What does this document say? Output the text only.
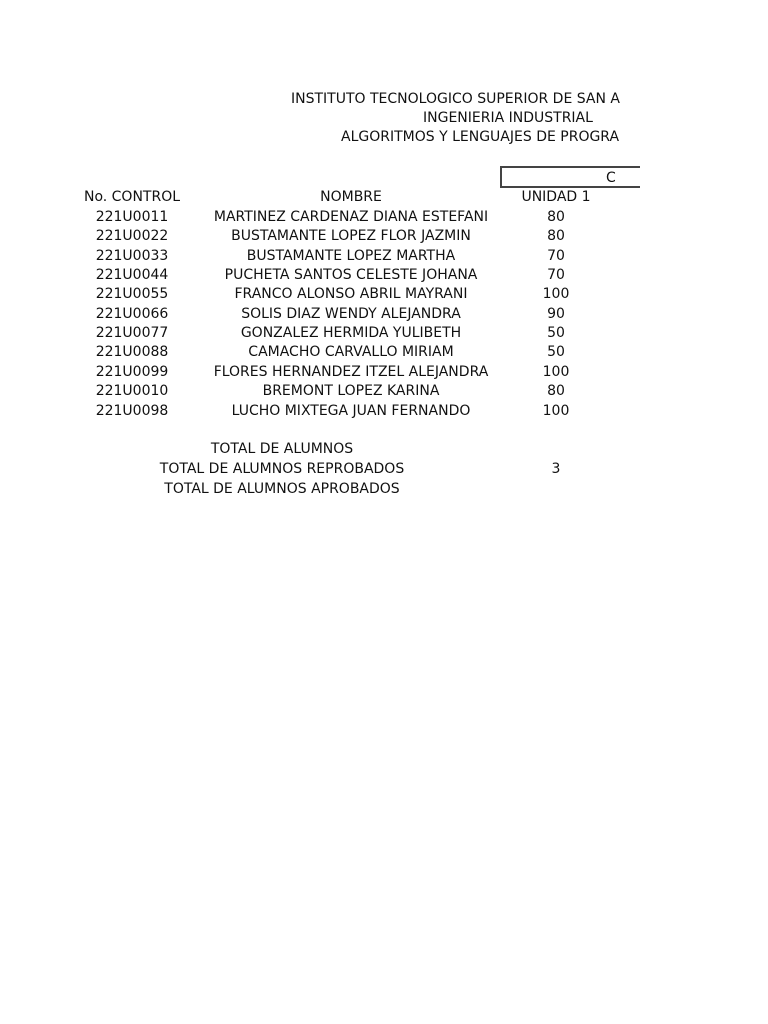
INSTITUTO TECNOLOGICO SUPERIOR DE SAN A
INGENIERIA INDUSTRIAL
ALGORITMOS Y LENGUAJES DE PROGRA
C
No. CONTROL	NOMBRE	UNIDAD 1
221U0011	MARTINEZ CARDENAZ DIANA ESTEFANI	80
221U0022	BUSTAMANTE LOPEZ FLOR JAZMIN	80
221U0033	BUSTAMANTE LOPEZ MARTHA	70
221U0044	PUCHETA SANTOS CELESTE JOHANA	70
221U0055	FRANCO ALONSO ABRIL MAYRANI	100
221U0066	SOLIS DIAZ WENDY ALEJANDRA	90
221U0077	GONZALEZ HERMIDA YULIBETH	50
221U0088	CAMACHO CARVALLO MIRIAM	50
221U0099	FLORES HERNANDEZ ITZEL ALEJANDRA	100
221U0010	BREMONT LOPEZ KARINA	80
221U0098	LUCHO MIXTEGA JUAN FERNANDO	100
TOTAL DE ALUMNOS
TOTAL DE ALUMNOS REPROBADOS	3
TOTAL DE ALUMNOS APROBADOS
